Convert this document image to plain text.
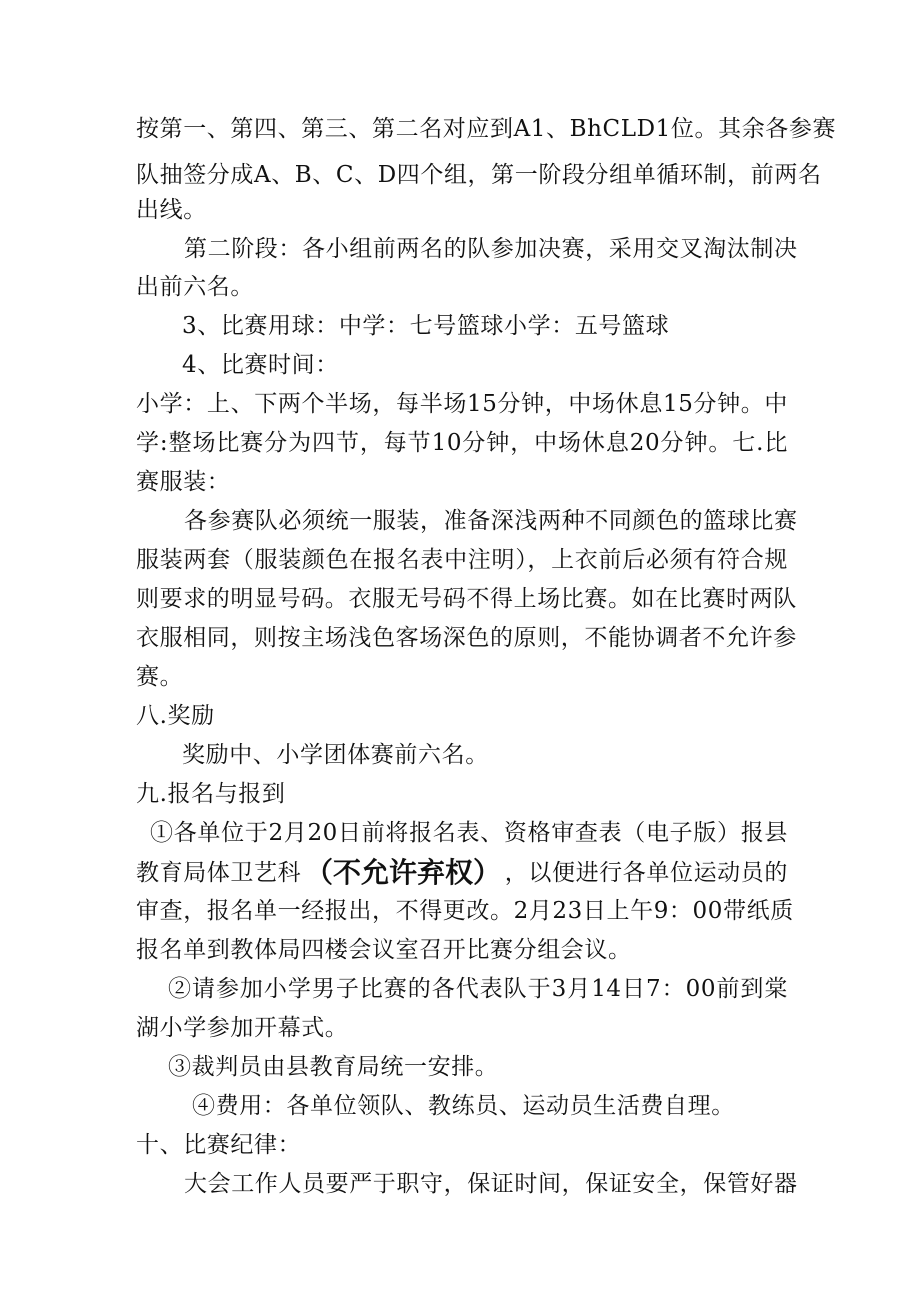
按第一、第四、第三、第二名对应到A1、BhCLD1位。其余各参赛
队抽签分成A、B、C、D四个组，第一阶段分组单循环制，前两名
出线。
第二阶段：各小组前两名的队参加决赛，采用交叉淘汰制决
出前六名。
3、比赛用球：中学：七号篮球小学：五号篮球
4、比赛时间：
小学：上、下两个半场，每半场15分钟，中场休息15分钟。中
学:整场比赛分为四节，每节10分钟，中场休息20分钟。七.比
赛服装：
各参赛队必须统一服装，准备深浅两种不同颜色的篮球比赛
服装两套（服装颜色在报名表中注明），上衣前后必须有符合规
则要求的明显号码。衣服无号码不得上场比赛。如在比赛时两队
衣服相同，则按主场浅色客场深色的原则，不能协调者不允许参
赛。
八.奖励
奖励中、小学团体赛前六名。
九.报名与报到
①各单位于2月20日前将报名表、资格审查表（电子版）报县
教育局体卫艺科 （不允许弃权） ，以便进行各单位运动员的
审查，报名单一经报出，不得更改。2月23日上午9：00带纸质
报名单到教体局四楼会议室召开比赛分组会议。
②请参加小学男子比赛的各代表队于3月14日7：00前到棠
湖小学参加开幕式。
③裁判员由县教育局统一安排。
④费用：各单位领队、教练员、运动员生活费自理。
十、比赛纪律：
大会工作人员要严于职守，保证时间，保证安全，保管好器
